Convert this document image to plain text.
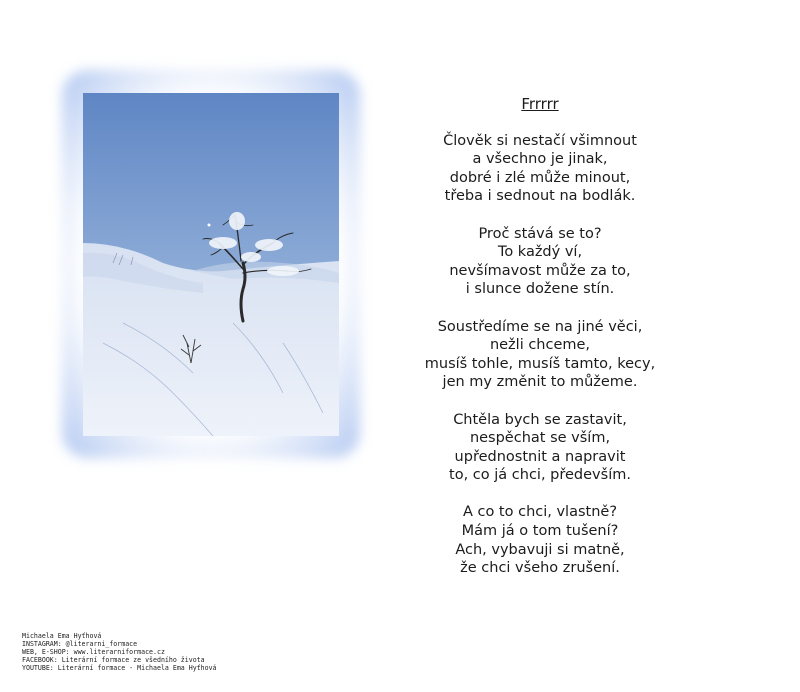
Frrrrr
Člověk si nestačí všimnout
a všechno je jinak,
dobré i zlé může minout,
třeba i sednout na bodlák.
Proč stává se to?
To každý ví,
nevšímavost může za to,
i slunce dožene stín.
Soustředíme se na jiné věci,
nežli chceme,
musíš tohle, musíš tamto, kecy,
jen my změnit to můžeme.
Chtěla bych se zastavit,
nespěchat se vším,
upřednostnit a napravit
to, co já chci, především.
A co to chci, vlastně?
Mám já o tom tušení?
Ach, vybavuji si matně,
že chci všeho zrušení.
Michaela Ema Hyťhová
INSTAGRAM: @literarni_formace
WEB, E-SHOP: www.literarniformace.cz
FACEBOOK: Literární formace ze všedního života
YOUTUBE: Literární formace - Michaela Ema Hyťhová
